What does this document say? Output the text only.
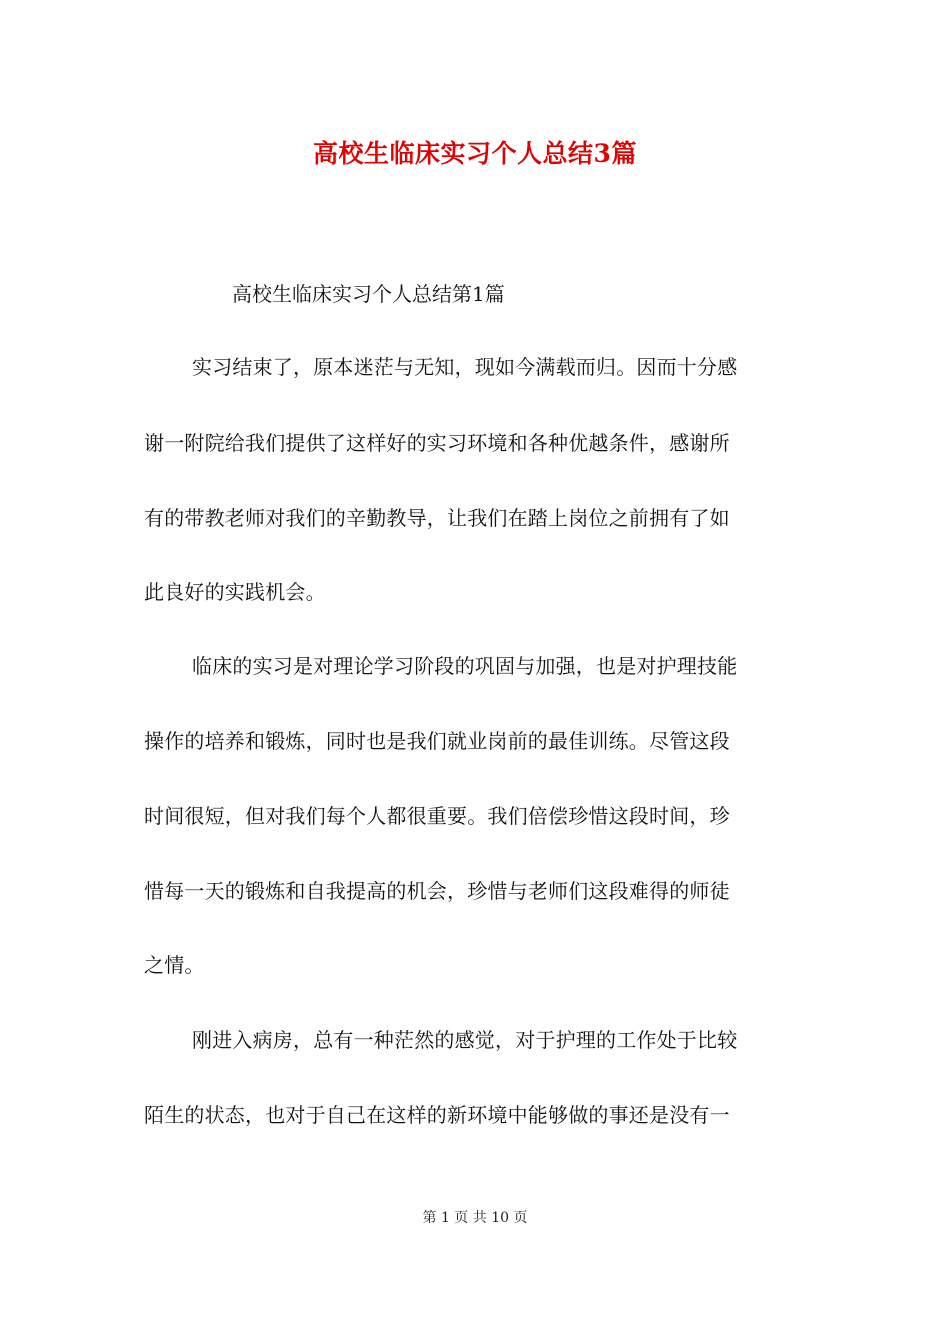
高校生临床实习个人总结3篇
高校生临床实习个人总结第1篇
实习结束了，原本迷茫与无知，现如今满载而归。因而十分感
谢一附院给我们提供了这样好的实习环境和各种优越条件，感谢所
有的带教老师对我们的辛勤教导，让我们在踏上岗位之前拥有了如
此良好的实践机会。
临床的实习是对理论学习阶段的巩固与加强，也是对护理技能
操作的培养和锻炼，同时也是我们就业岗前的最佳训练。尽管这段
时间很短，但对我们每个人都很重要。我们倍偿珍惜这段时间，珍
惜每一天的锻炼和自我提高的机会，珍惜与老师们这段难得的师徒
之情。
刚进入病房，总有一种茫然的感觉，对于护理的工作处于比较
陌生的状态，也对于自己在这样的新环境中能够做的事还是没有一
第 1 页 共 10 页
